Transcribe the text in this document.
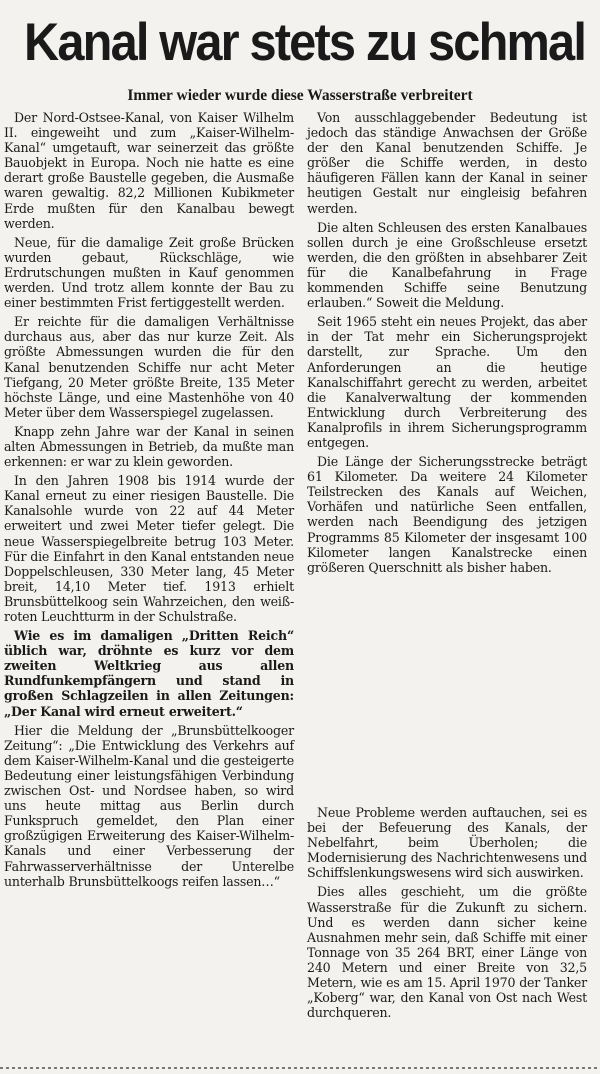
Kanal war stets zu schmal
Immer wieder wurde diese Wasserstraße verbreitert

Der Nord-Ostsee-Kanal, von Kaiser Wilhelm II. eingeweiht und zum „Kaiser-Wilhelm-Kanal“ umgetauft, war seinerzeit das größte Bauobjekt in Europa. Noch nie hatte es eine derart große Baustelle gegeben, die Ausmaße waren gewaltig. 82,2 Millionen Kubikmeter Erde mußten für den Kanalbau bewegt werden.

Neue, für die damalige Zeit große Brücken wurden gebaut, Rückschläge, wie Erdrutschungen mußten in Kauf genommen werden. Und trotz allem konnte der Bau zu einer bestimmten Frist fertiggestellt werden.

Er reichte für die damaligen Verhältnisse durchaus aus, aber das nur kurze Zeit. Als größte Abmessungen wurden die für den Kanal benutzenden Schiffe nur acht Meter Tiefgang, 20 Meter größte Breite, 135 Meter höchste Länge, und eine Mastenhöhe von 40 Meter über dem Wasserspiegel zugelassen.

Knapp zehn Jahre war der Kanal in seinen alten Abmessungen in Betrieb, da mußte man erkennen: er war zu klein geworden.

In den Jahren 1908 bis 1914 wurde der Kanal erneut zu einer riesigen Baustelle. Die Kanalsohle wurde von 22 auf 44 Meter erweitert und zwei Meter tiefer gelegt. Die neue Wasserspiegelbreite betrug 103 Meter. Für die Einfahrt in den Kanal entstanden neue Doppelschleusen, 330 Meter lang, 45 Meter breit, 14,10 Meter tief. 1913 erhielt Brunsbüttelkoog sein Wahrzeichen, den weiß-roten Leuchtturm in der Schulstraße.

Wie es im damaligen „Dritten Reich“ üblich war, dröhnte es kurz vor dem zweiten Weltkrieg aus allen Rundfunkempfängern und stand in großen Schlagzeilen in allen Zeitungen: „Der Kanal wird erneut erweitert.“

Hier die Meldung der „Brunsbüttelkooger Zeitung“: „Die Entwicklung des Verkehrs auf dem Kaiser-Wilhelm-Kanal und die gesteigerte Bedeutung einer leistungsfähigen Verbindung zwischen Ost- und Nordsee haben, so wird uns heute mittag aus Berlin durch Funkspruch gemeldet, den Plan einer großzügigen Erweiterung des Kaiser-Wilhelm-Kanals und einer Verbesserung der Fahrwasserverhältnisse der Unterelbe unterhalb Brunsbüttelkoogs reifen lassen…“

Von ausschlaggebender Bedeutung ist jedoch das ständige Anwachsen der Größe der den Kanal benutzenden Schiffe. Je größer die Schiffe werden, in desto häufigeren Fällen kann der Kanal in seiner heutigen Gestalt nur eingleisig befahren werden.

Die alten Schleusen des ersten Kanalbaues sollen durch je eine Großschleuse ersetzt werden, die den größten in absehbarer Zeit für die Kanalbefahrung in Frage kommenden Schiffe seine Benutzung erlauben.“ Soweit die Meldung.

Seit 1965 steht ein neues Projekt, das aber in der Tat mehr ein Sicherungsprojekt darstellt, zur Sprache. Um den Anforderungen an die heutige Kanalschiffahrt gerecht zu werden, arbeitet die Kanalverwaltung der kommenden Entwicklung durch Verbreiterung des Kanalprofils in ihrem Sicherungsprogramm entgegen.

Die Länge der Sicherungsstrecke beträgt 61 Kilometer. Da weitere 24 Kilometer Teilstrecken des Kanals auf Weichen, Vorhäfen und natürliche Seen entfallen, werden nach Beendigung des jetzigen Programms 85 Kilometer der insgesamt 100 Kilometer langen Kanalstrecke einen größeren Querschnitt als bisher haben.

Neue Probleme werden auftauchen, sei es bei der Befeuerung des Kanals, der Nebelfahrt, beim Überholen; die Modernisierung des Nachrichtenwesens und Schiffslenkungswesens wird sich auswirken.

Dies alles geschieht, um die größte Wasserstraße für die Zukunft zu sichern. Und es werden dann sicher keine Ausnahmen mehr sein, daß Schiffe mit einer Tonnage von 35 264 BRT, einer Länge von 240 Metern und einer Breite von 32,5 Metern, wie es am 15. April 1970 der Tanker „Koberg“ war, den Kanal von Ost nach West durchqueren.
